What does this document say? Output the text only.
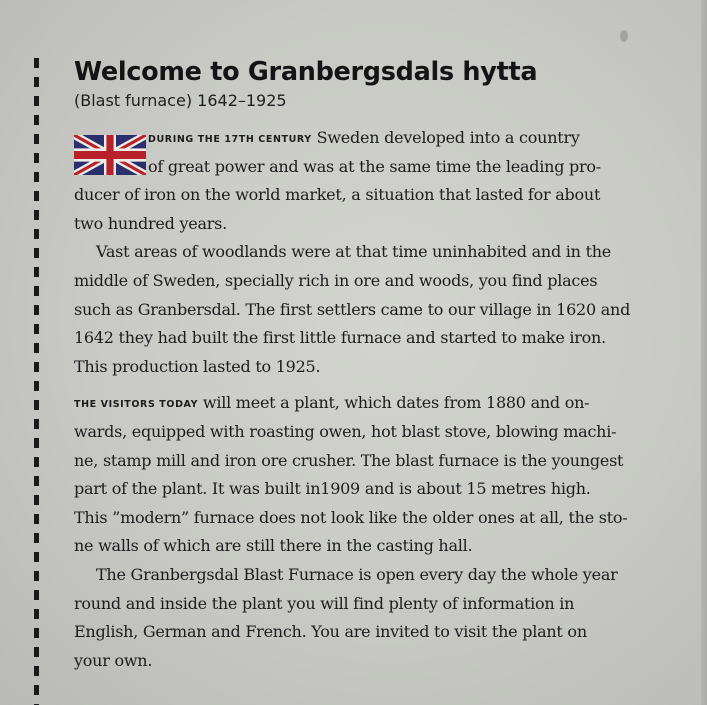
Welcome to Granbergsdals hytta

(Blast furnace) 1642–1925

DURING THE 17TH CENTURY Sweden developed into a country
of great power and was at the same time the leading pro-
ducer of iron on the world market, a situation that lasted for about
two hundred years.
Vast areas of woodlands were at that time uninhabited and in the
middle of Sweden, specially rich in ore and woods, you find places
such as Granbersdal. The first settlers came to our village in 1620 and
1642 they had built the first little furnace and started to make iron.
This production lasted to 1925.
THE VISITORS TODAY will meet a plant, which dates from 1880 and on-
wards, equipped with roasting owen, hot blast stove, blowing machi-
ne, stamp mill and iron ore crusher. The blast furnace is the youngest
part of the plant. It was built in1909 and is about 15 metres high.
This ”modern” furnace does not look like the older ones at all, the sto-
ne walls of which are still there in the casting hall.
The Granbergsdal Blast Furnace is open every day the whole year
round and inside the plant you will find plenty of information in
English, German and French. You are invited to visit the plant on
your own.
